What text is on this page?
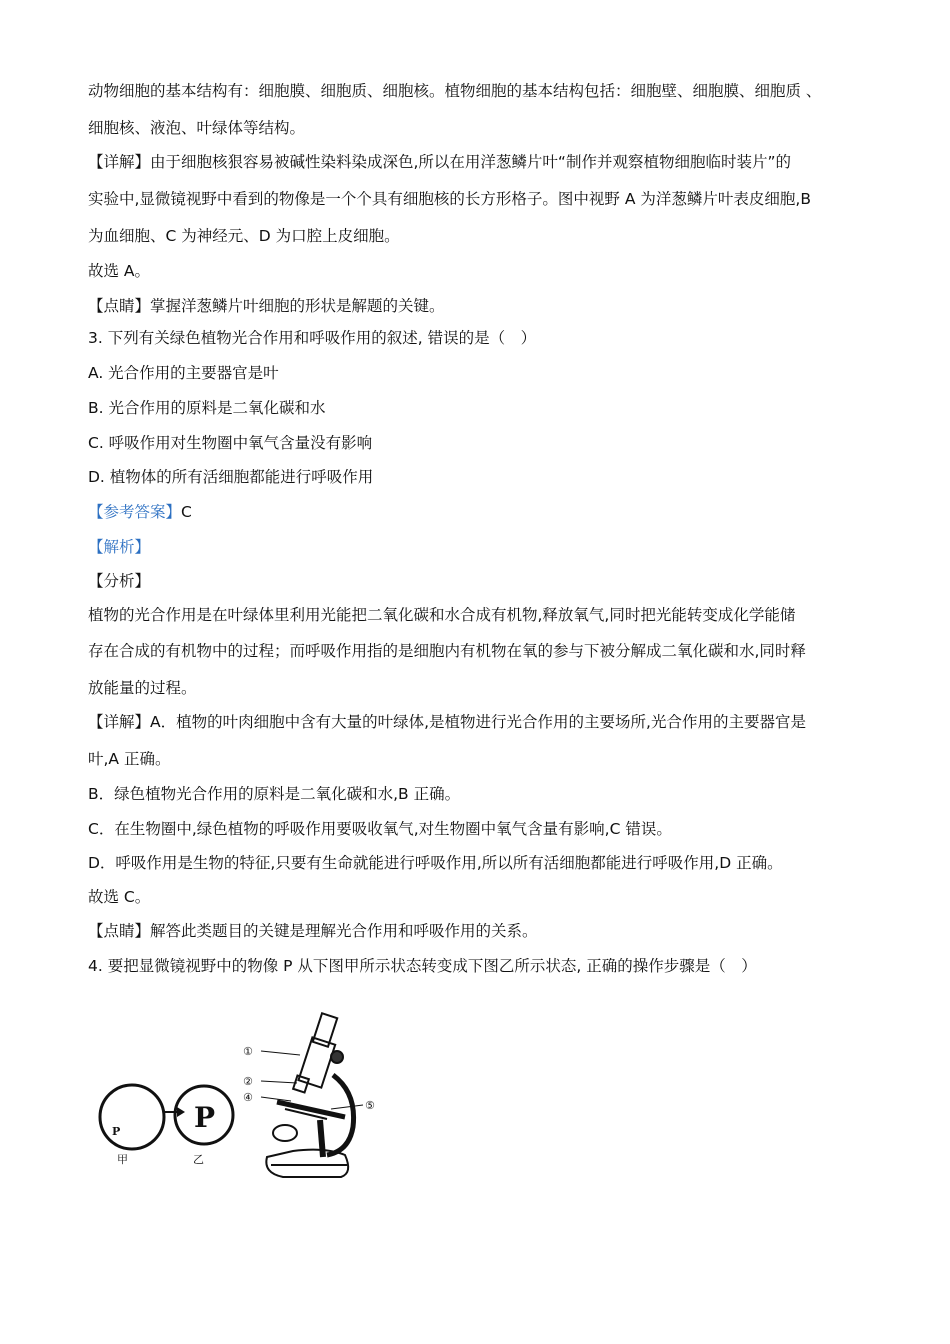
动物细胞的基本结构有：细胞膜、细胞质、细胞核。植物细胞的基本结构包括：细胞壁、细胞膜、细胞质 、
细胞核、液泡、叶绿体等结构。
【详解】由于细胞核狠容易被碱性染料染成深色,所以在用洋葱鳞片叶“制作并观察植物细胞临时装片”的
实验中,显微镜视野中看到的物像是一个个具有细胞核的长方形格子。图中视野 A 为洋葱鳞片叶表皮细胞,B
为血细胞、C 为神经元、D 为口腔上皮细胞。
故选 A。
【点睛】掌握洋葱鳞片叶细胞的形状是解题的关键。
3. 下列有关绿色植物光合作用和呼吸作用的叙述, 错误的是（　）
A. 光合作用的主要器官是叶
B. 光合作用的原料是二氧化碳和水
C. 呼吸作用对生物圈中氧气含量没有影响
D. 植物体的所有活细胞都能进行呼吸作用
【参考答案】C
【解析】
【分析】
植物的光合作用是在叶绿体里利用光能把二氧化碳和水合成有机物,释放氧气,同时把光能转变成化学能储
存在合成的有机物中的过程；而呼吸作用指的是细胞内有机物在氧的参与下被分解成二氧化碳和水,同时释
放能量的过程。
【详解】A．植物的叶肉细胞中含有大量的叶绿体,是植物进行光合作用的主要场所,光合作用的主要器官是
叶,A 正确。
B．绿色植物光合作用的原料是二氧化碳和水,B 正确。
C．在生物圈中,绿色植物的呼吸作用要吸收氧气,对生物圈中氧气含量有影响,C 错误。
D．呼吸作用是生物的特征,只要有生命就能进行呼吸作用,所以所有活细胞都能进行呼吸作用,D 正确。
故选 C。
【点睛】解答此类题目的关键是理解光合作用和呼吸作用的关系。
4. 要把显微镜视野中的物像 P 从下图甲所示状态转变成下图乙所示状态, 正确的操作步骤是（　）
P
甲
P
乙
①
②
④
⑤
